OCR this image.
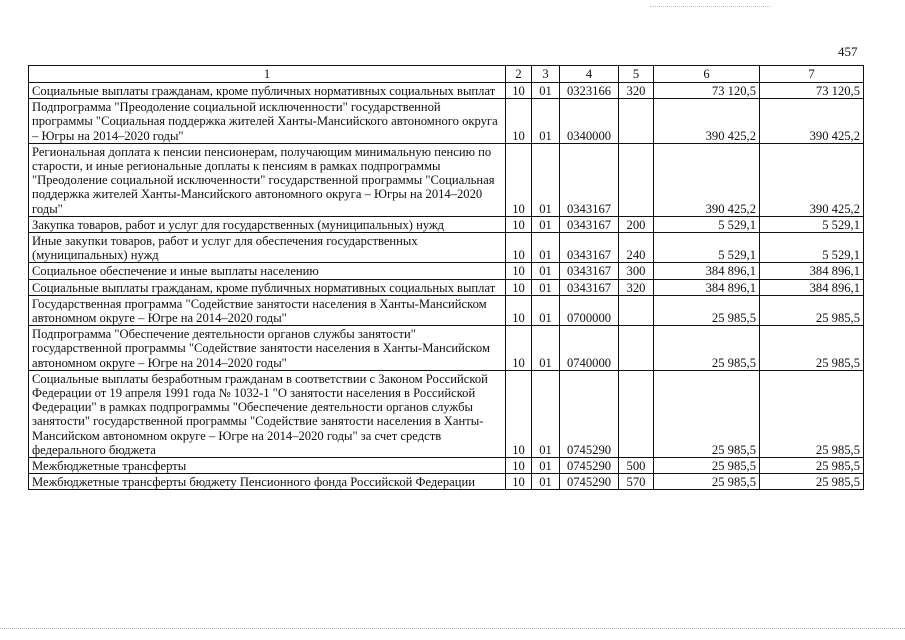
457
1	2	3	4	5	6	7
Социальные выплаты гражданам, кроме публичных нормативных социальных выплат	10	01	0323166	320	73 120,5	73 120,5
Подпрограмма "Преодоление социальной исключенности" государственной программы "Социальная поддержка жителей Ханты-Мансийского автономного округа – Югры на 2014–2020 годы"	10	01	0340000		390 425,2	390 425,2
Региональная доплата к пенсии пенсионерам, получающим минимальную пенсию по старости, и иные региональные доплаты к пенсиям в рамках подпрограммы "Преодоление социальной исключенности" государственной программы "Социальная поддержка жителей Ханты-Мансийского автономного округа – Югры на 2014–2020 годы"	10	01	0343167		390 425,2	390 425,2
Закупка товаров, работ и услуг для государственных (муниципальных) нужд	10	01	0343167	200	5 529,1	5 529,1
Иные закупки товаров, работ и услуг для обеспечения государственных (муниципальных) нужд	10	01	0343167	240	5 529,1	5 529,1
Социальное обеспечение и иные выплаты населению	10	01	0343167	300	384 896,1	384 896,1
Социальные выплаты гражданам, кроме публичных нормативных социальных выплат	10	01	0343167	320	384 896,1	384 896,1
Государственная программа "Содействие занятости населения в Ханты-Мансийском автономном округе – Югре на 2014–2020 годы"	10	01	0700000		25 985,5	25 985,5
Подпрограмма "Обеспечение деятельности органов службы занятости" государственной программы "Содействие занятости населения в Ханты-Мансийском автономном округе – Югре на 2014–2020 годы"	10	01	0740000		25 985,5	25 985,5
Социальные выплаты безработным гражданам в соответствии с Законом Российской Федерации от 19 апреля 1991 года № 1032-1 "О занятости населения в Российской Федерации" в рамках подпрограммы "Обеспечение деятельности органов службы занятости" государственной программы "Содействие занятости населения в Ханты-Мансийском автономном округе – Югре на 2014–2020 годы" за счет средств федерального бюджета	10	01	0745290		25 985,5	25 985,5
Межбюджетные трансферты	10	01	0745290	500	25 985,5	25 985,5
Межбюджетные трансферты бюджету Пенсионного фонда Российской Федерации	10	01	0745290	570	25 985,5	25 985,5
